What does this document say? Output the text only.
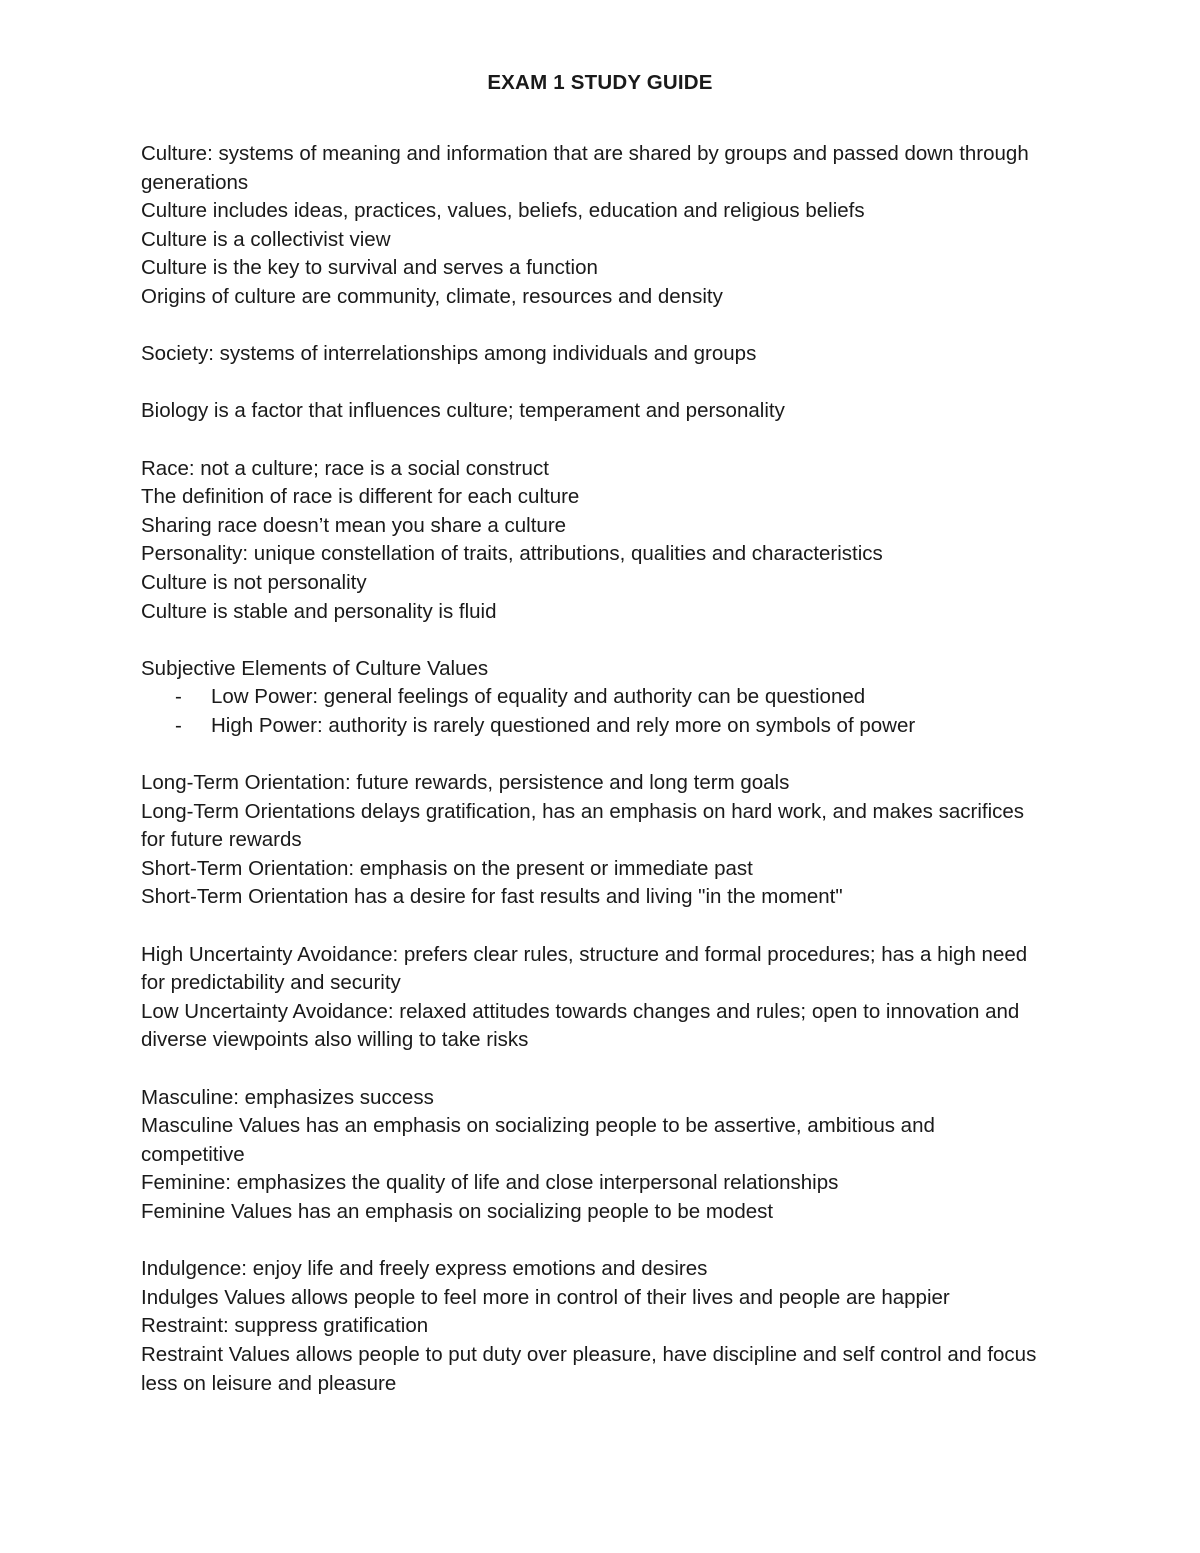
EXAM 1 STUDY GUIDE

Culture: systems of meaning and information that are shared by groups and passed down through generations

Culture includes ideas, practices, values, beliefs, education and religious beliefs

Culture is a collectivist view

Culture is the key to survival and serves a function

Origins of culture are community, climate, resources and density

Society: systems of interrelationships among individuals and groups

Biology is a factor that influences culture; temperament and personality

Race: not a culture; race is a social construct

The definition of race is different for each culture

Sharing race doesn’t mean you share a culture

Personality: unique constellation of traits, attributions, qualities and characteristics

Culture is not personality

Culture is stable and personality is fluid

Subjective Elements of Culture Values

- Low Power: general feelings of equality and authority can be questioned
- High Power: authority is rarely questioned and rely more on symbols of power

Long-Term Orientation: future rewards, persistence and long term goals

Long-Term Orientations delays gratification, has an emphasis on hard work, and makes sacrifices for future rewards

Short-Term Orientation: emphasis on the present or immediate past

Short-Term Orientation has a desire for fast results and living "in the moment"

High Uncertainty Avoidance: prefers clear rules, structure and formal procedures; has a high need for predictability and security

Low Uncertainty Avoidance: relaxed attitudes towards changes and rules; open to innovation and diverse viewpoints also willing to take risks

Masculine: emphasizes success

Masculine Values has an emphasis on socializing people to be assertive, ambitious and competitive

Feminine: emphasizes the quality of life and close interpersonal relationships

Feminine Values has an emphasis on socializing people to be modest

Indulgence: enjoy life and freely express emotions and desires

Indulges Values allows people to feel more in control of their lives and people are happier

Restraint: suppress gratification

Restraint Values allows people to put duty over pleasure, have discipline and self control and focus less on leisure and pleasure
